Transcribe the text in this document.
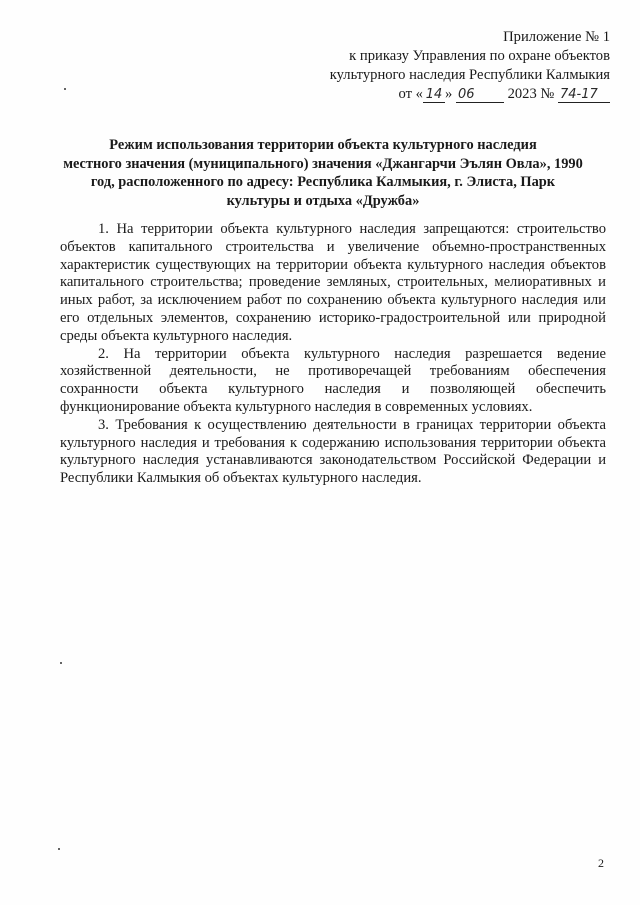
Приложение № 1
к приказу Управления по охране объектов
культурного наследия Республики Калмыкия
от « 14 » 06 2023 № 74-17
Режим использования территории объекта культурного наследия
местного значения (муниципального) значения «Джангарчи Эълян Овла», 1990
год, расположенного по адресу: Республика Калмыкия, г. Элиста, Парк
культуры и отдыха «Дружба»

1. На территории объекта культурного наследия запрещаются: строительство объектов капитального строительства и увеличение объемно-пространственных характеристик существующих на территории объекта культурного наследия объектов капитального строительства; проведение земляных, строительных, мелиоративных и иных работ, за исключением работ по сохранению объекта культурного наследия или его отдельных элементов, сохранению историко-градостроительной или природной среды объекта культурного наследия.

2. На территории объекта культурного наследия разрешается ведение хозяйственной деятельности, не противоречащей требованиям обеспечения сохранности объекта культурного наследия и позволяющей обеспечить функционирование объекта культурного наследия в современных условиях.

3. Требования к осуществлению деятельности в границах территории объекта культурного наследия и требования к содержанию использования территории объекта культурного наследия устанавливаются законодательством Российской Федерации и Республики Калмыкия об объектах культурного наследия.

2
